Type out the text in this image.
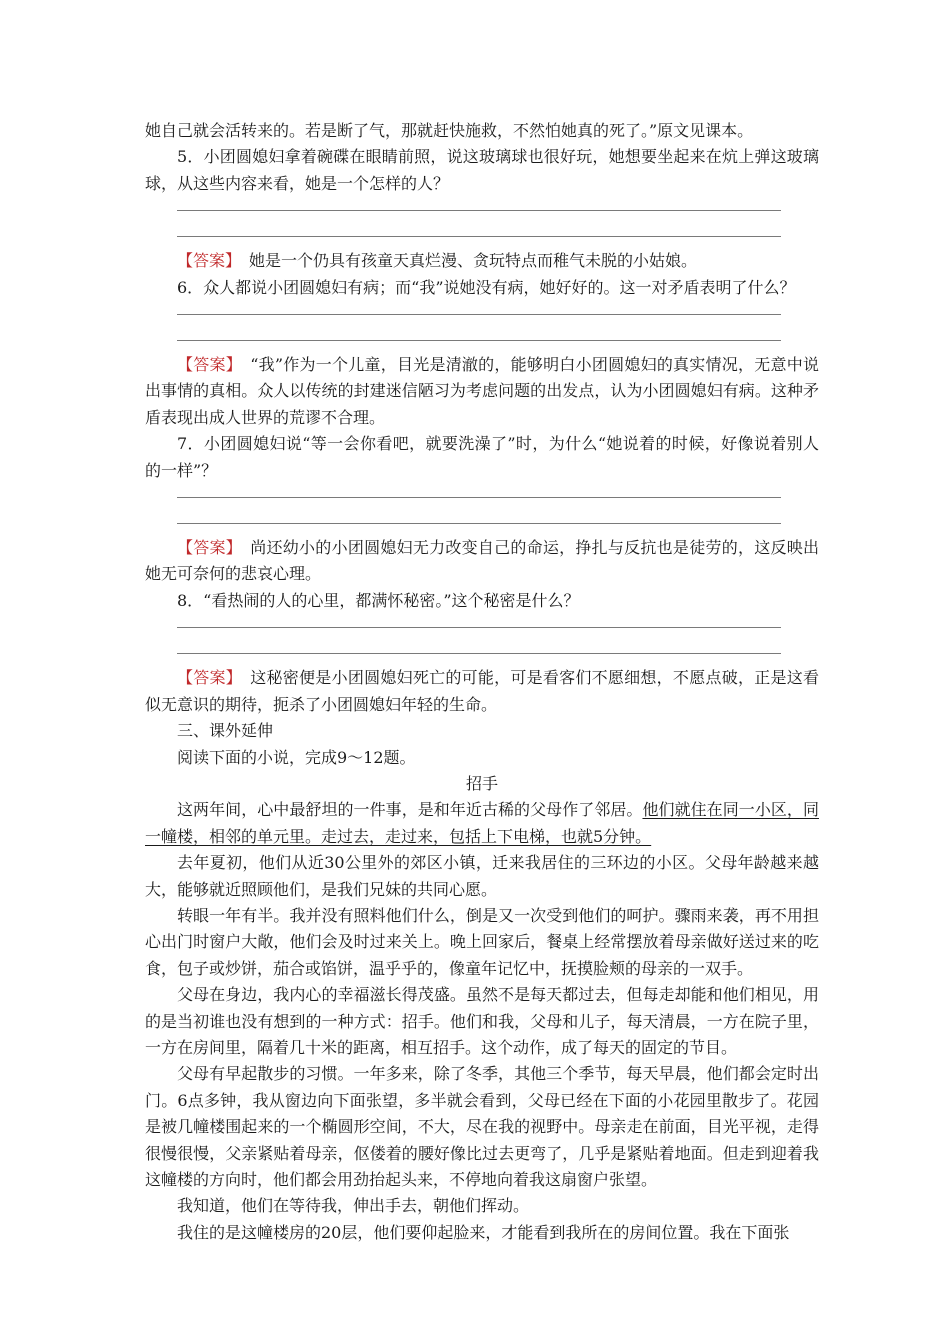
她自己就会活转来的。若是断了气，那就赶快施救，不然怕她真的死了。”原文见课本。

5．小团圆媳妇拿着碗碟在眼睛前照，说这玻璃球也很好玩，她想要坐起来在炕上弹这玻璃球，从这些内容来看，她是一个怎样的人？

【答案】　她是一个仍具有孩童天真烂漫、贪玩特点而稚气未脱的小姑娘。

6．众人都说小团圆媳妇有病；而“我”说她没有病，她好好的。这一对矛盾表明了什么？

【答案】　“我”作为一个儿童，目光是清澈的，能够明白小团圆媳妇的真实情况，无意中说出事情的真相。众人以传统的封建迷信陋习为考虑问题的出发点，认为小团圆媳妇有病。这种矛盾表现出成人世界的荒谬不合理。

7．小团圆媳妇说“等一会你看吧，就要洗澡了”时，为什么“她说着的时候，好像说着别人的一样”？

【答案】　尚还幼小的小团圆媳妇无力改变自己的命运，挣扎与反抗也是徒劳的，这反映出她无可奈何的悲哀心理。

8．“看热闹的人的心里，都满怀秘密。”这个秘密是什么？

【答案】　这秘密便是小团圆媳妇死亡的可能，可是看客们不愿细想，不愿点破，正是这看似无意识的期待，扼杀了小团圆媳妇年轻的生命。

三、课外延伸

阅读下面的小说，完成9～12题。

招手

这两年间，心中最舒坦的一件事，是和年近古稀的父母作了邻居。他们就住在同一小区，同一幢楼，相邻的单元里。走过去，走过来，包括上下电梯，也就5分钟。

去年夏初，他们从近30公里外的郊区小镇，迁来我居住的三环边的小区。父母年龄越来越大，能够就近照顾他们，是我们兄妹的共同心愿。

转眼一年有半。我并没有照料他们什么，倒是又一次受到他们的呵护。骤雨来袭，再不用担心出门时窗户大敞，他们会及时过来关上。晚上回家后，餐桌上经常摆放着母亲做好送过来的吃食，包子或炒饼，茄合或馅饼，温乎乎的，像童年记忆中，抚摸脸颊的母亲的一双手。

父母在身边，我内心的幸福滋长得茂盛。虽然不是每天都过去，但每走却能和他们相见，用的是当初谁也没有想到的一种方式：招手。他们和我，父母和儿子，每天清晨，一方在院子里，一方在房间里，隔着几十米的距离，相互招手。这个动作，成了每天的固定的节目。

父母有早起散步的习惯。一年多来，除了冬季，其他三个季节，每天早晨，他们都会定时出门。6点多钟，我从窗边向下面张望，多半就会看到，父母已经在下面的小花园里散步了。花园是被几幢楼围起来的一个椭圆形空间，不大，尽在我的视野中。母亲走在前面，目光平视，走得很慢很慢，父亲紧贴着母亲，伛偻着的腰好像比过去更弯了，几乎是紧贴着地面。但走到迎着我这幢楼的方向时，他们都会用劲抬起头来，不停地向着我这扇窗户张望。

我知道，他们在等待我，伸出手去，朝他们挥动。

我住的是这幢楼房的20层，他们要仰起脸来，才能看到我所在的房间位置。我在下面张
